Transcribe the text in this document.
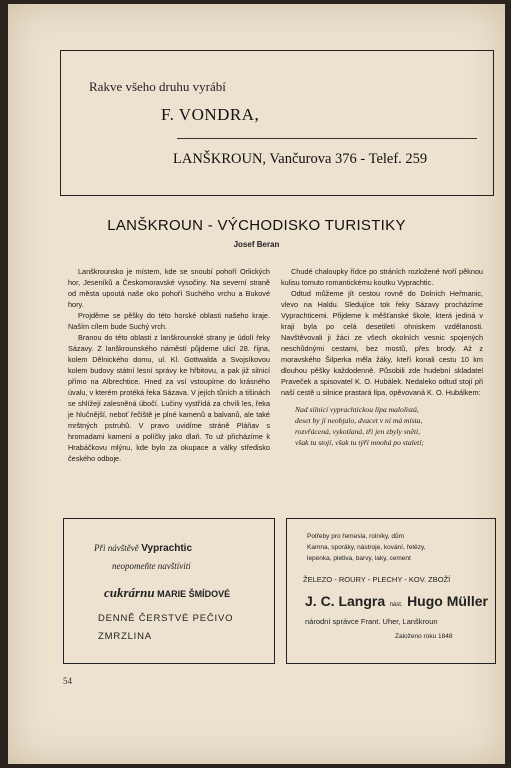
Rakve všeho druhu vyrábí
F. VONDRA,
LANŠKROUN, Vančurova 376 - Telef. 259
LANŠKROUN - VÝCHODISKO TURISTIKY
Josef Beran

Lanškrounsko je místem, kde se snoubí pohoří Orlických hor, Jeseníků a Českomoravské vysočiny. Na severní straně od města upoutá naše oko pohoří Suchého vrchu a Bukové hory.

Projděme se pěšky do této horské oblasti našeho kraje. Naším cílem bude Suchý vrch.

Branou do této oblasti z lanškrounské strany je údolí řeky Sázavy. Z lanškrounského náměstí půjdeme ulicí 28. října, kolem Dělnického domu, ul. Kl. Gottwalda a Svojsíkovou kolem budovy státní lesní správy ke hřbitovu, a pak již silnicí přímo na Albrechtice. Hned za vsí vstoupíme do krásného úvalu, v kterém protéká řeka Sázava. V jejích tůních a tišinách se shlížejí zalesněná úbočí. Lučiny vystřídá za chvíli les, řeka je hlučnější, neboť řečiště je plné kamenů a balvanů, ale také mrštných pstruhů. V pravo uvidíme stráně Pláňav s hromadami kamení a políčky jako dlaň. To už přicházíme k Hrabáčkovu mlýnu, kde bylo za okupace a války středisko českého odboje.

Chudé chaloupky řídce po stráních rozložené tvoří pěknou kulisu tomuto romantickému koutku Vyprachtic.

Odtud můžeme jít cestou rovně do Dolních Heřmanic, vlevo na Haldu. Sledujíce tok řeky Sázavy procházíme Vyprachticemi. Přijdeme k měšťanské škole, která jediná v kraji byla po celá desetiletí ohniskem vzdělanosti. Navštěvovali ji žáci ze všech okolních vesnic spojených neschůdnými cestami, bez mostů, přes brody. Až z moravského Šilperka měla žáky, kteří konali cestu 10 km dlouhou pěšky každodenně. Působili zde hudební skladatel Praveček a spisovatel K. O. Hubálek. Nedaleko odtud stojí při naší cestě u silnice prastará lípa, opěvovaná K. O. Hubálkem:

Nad silnicí vyprachtickou lípa malolistá,
deset by jí neobjalo, dvacet v ní má místa,
rozvřácená, vykotlaná, tři jen zbyly snětí,
však tu stojí, však tu týří mnohá po staletí;
Při návštěvě Vyprachtic
neopomeňte navštíviti
cukrárnu MARIE ŠMÍDOVÉ
DENNĚ ČERSTVÉ PEČIVO
ZMRZLINA
Potřeby pro řemesla, rolníky, dům
Kamna, sporáky, nástroje, kování, řetězy,
lepenka, pletiva, barvy, laky, cement
ŽELEZO - ROURY - PLECHY - KOV. ZBOŽÍ
J. C. Langra nást. Hugo Müller
národní správce Frant. Uher, Lanškroun
Založeno roku 1848
54
